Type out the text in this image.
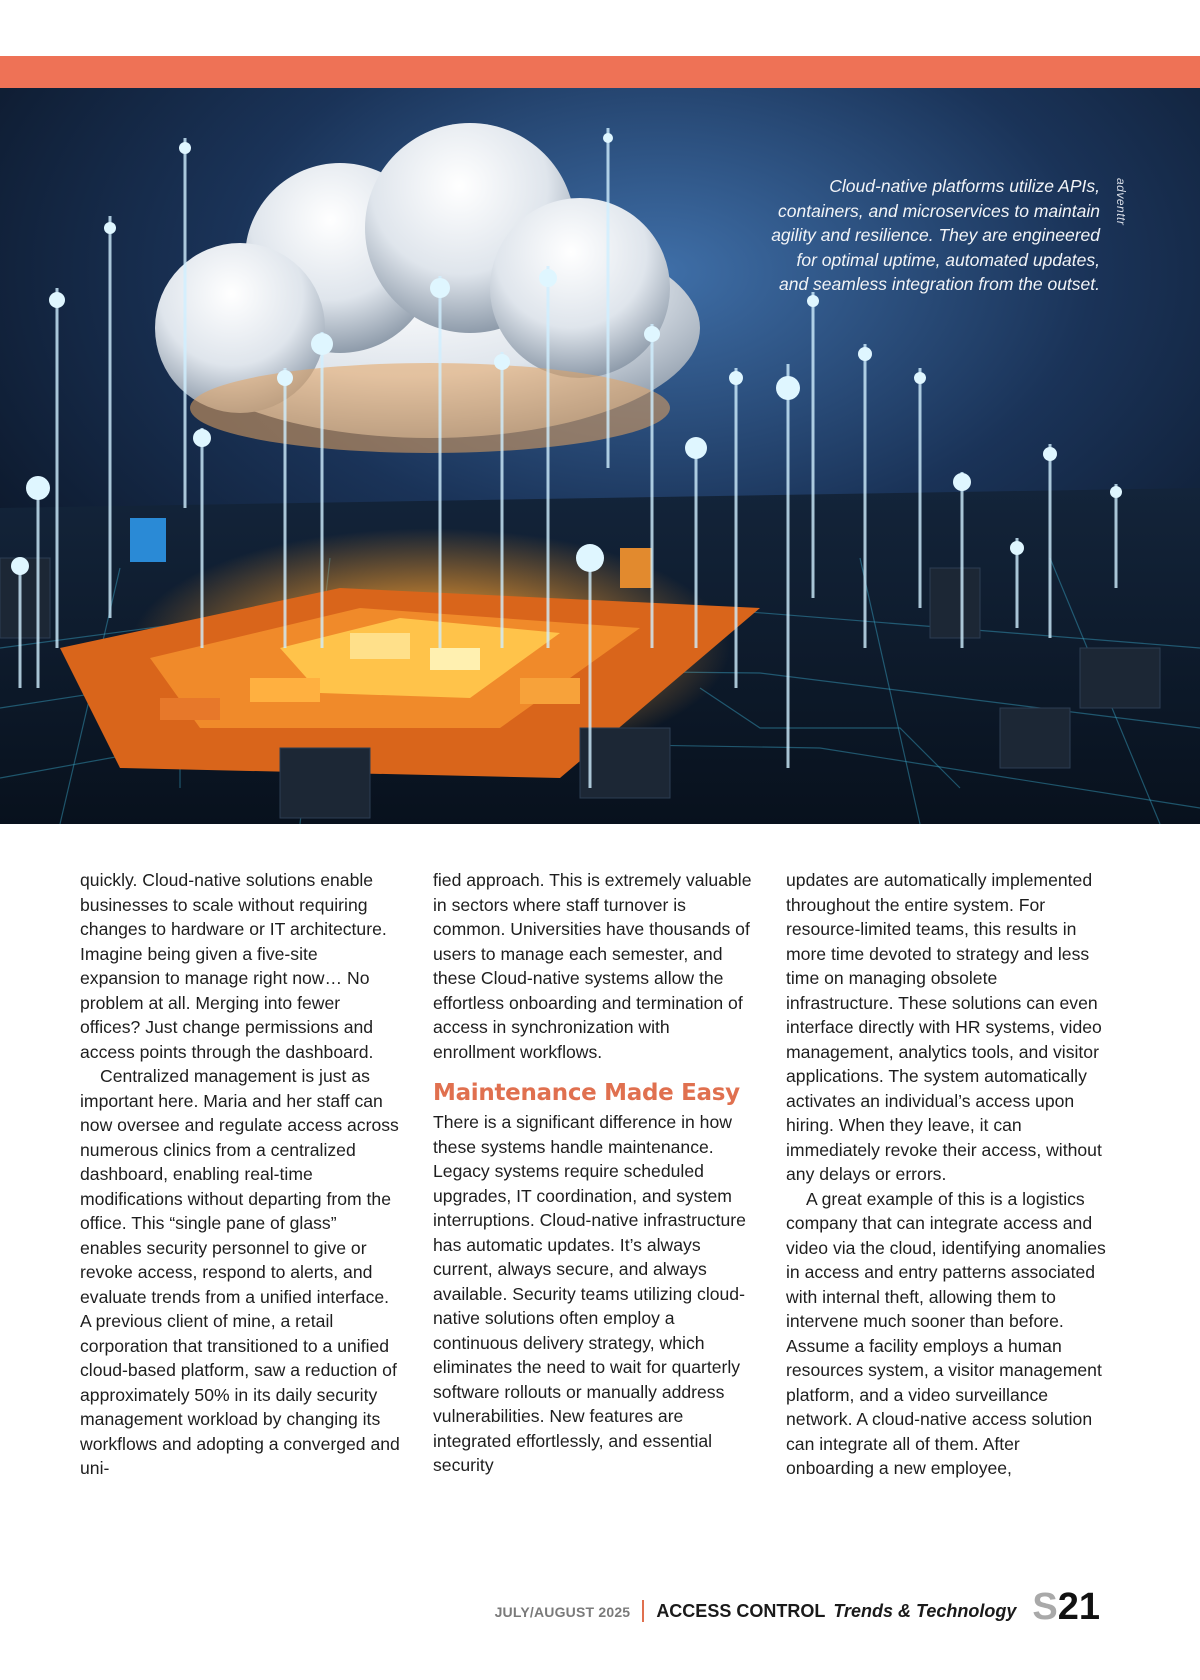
Cloud-native platforms utilize APIs, containers, and microservices to maintain agility and resilience. They are engineered for optimal uptime, automated updates, and seamless integration from the outset.
adventtr

quickly. Cloud-native solutions enable businesses to scale without requiring changes to hardware or IT architecture. Imagine being given a five-site expansion to manage right now… No problem at all. Merging into fewer offices? Just change permissions and access points through the dashboard.

Centralized management is just as important here. Maria and her staff can now oversee and regulate access across numerous clinics from a centralized dashboard, enabling real-time modifications without departing from the office. This “single pane of glass” enables security personnel to give or revoke access, respond to alerts, and evaluate trends from a unified interface. A previous client of mine, a retail corporation that transitioned to a unified cloud-based platform, saw a reduction of approximately 50% in its daily security management workload by changing its workflows and adopting a converged and uni-

fied approach. This is extremely valuable in sectors where staff turnover is common. Universities have thousands of users to manage each semester, and these Cloud-native systems allow the effortless onboarding and termination of access in synchronization with enrollment workflows.

Maintenance Made Easy

There is a significant difference in how these systems handle maintenance. Legacy systems require scheduled upgrades, IT coordination, and system interruptions. Cloud-native infrastructure has automatic updates. It’s always current, always secure, and always available. Security teams utilizing cloud-native solutions often employ a continuous delivery strategy, which eliminates the need to wait for quarterly software rollouts or manually address vulnerabilities. New features are integrated effortlessly, and essential security

updates are automatically implemented throughout the entire system. For resource-limited teams, this results in more time devoted to strategy and less time on managing obsolete infrastructure. These solutions can even interface directly with HR systems, video management, analytics tools, and visitor applications. The system automatically activates an individual’s access upon hiring. When they leave, it can immediately revoke their access, without any delays or errors.

A great example of this is a logistics company that can integrate access and video via the cloud, identifying anomalies in access and entry patterns associated with internal theft, allowing them to intervene much sooner than before. Assume a facility employs a human resources system, a visitor management platform, and a video surveillance network. A cloud-native access solution can integrate all of them. After onboarding a new employee,

JULY/AUGUST 2025 ACCESS CONTROL Trends & Technology S21
